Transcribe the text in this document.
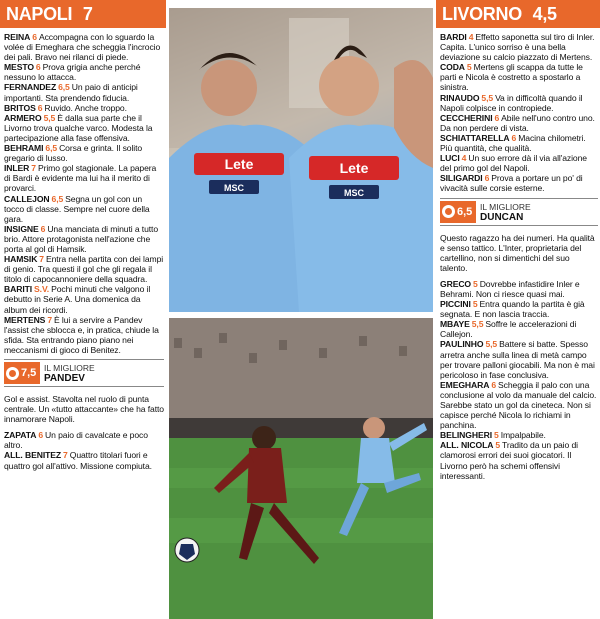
NAPOLI 7
REINA 6 Accompagna con lo sguardo la volée di Emeghara che scheggia l'incrocio dei pali. Bravo nei rilanci di piede.
MESTO 6 Prova grigia anche perché nessuno lo attacca.
FERNANDEZ 6,5 Un paio di anticipi importanti. Sta prendendo fiducia.
BRITOS 6 Ruvido. Anche troppo.
ARMERO 5,5 È dalla sua parte che il Livorno trova qualche varco. Modesta la partecipazione alla fase offensiva.
BEHRAMI 6,5 Corsa e grinta. Il solito gregario di lusso.
INLER 7 Primo gol stagionale. La papera di Bardi è evidente ma lui ha il merito di provarci.
CALLEJON 6,5 Segna un gol con un tocco di classe. Sempre nel cuore della gara.
INSIGNE 6 Una manciata di minuti a tutto brio. Attore protagonista nell'azione che porta al gol di Hamsik.
HAMSIK 7 Entra nella partita con dei lampi di genio. Tra questi il gol che gli regala il titolo di capocannoniere della squadra.
BARITI S.V. Pochi minuti che valgono il debutto in Serie A. Una domenica da album dei ricordi.
MERTENS 7 È lui a servire a Pandev l'assist che sblocca e, in pratica, chiude la sfida. Sta entrando piano piano nei meccanismi di gioco di Benitez.
7,5 IL MIGLIORE
PANDEV
Gol e assist. Stavolta nel ruolo di punta centrale. Un «tutto attaccante» che ha fatto innamorare Napoli.
ZAPATA 6 Un paio di cavalcate e poco altro.
ALL. BENITEZ 7 Quattro titolari fuori e quattro gol all'attivo. Missione compiuta.
Lete
MSC
Lete
MSC
LIVORNO 4,5
BARDI 4 Effetto saponetta sul tiro di Inler. Capita. L'unico sorriso è una bella deviazione su calcio piazzato di Mertens.
CODA 5 Mertens gli scappa da tutte le parti e Nicola è costretto a spostarlo a sinistra.
RINAUDO 5,5 Va in difficoltà quando il Napoli colpisce in contropiede.
CECCHERINI 6 Abile nell'uno contro uno. Da non perdere di vista.
SCHIATTARELLA 6 Macina chilometri. Più quantità, che qualità.
LUCI 4 Un suo errore dà il via all'azione del primo gol del Napoli.
SILIGARDI 6 Prova a portare un po' di vivacità sulle corsie esterne.
6,5 IL MIGLIORE
DUNCAN
Questo ragazzo ha dei numeri. Ha qualità e senso tattico. L'Inter, proprietaria del cartellino, non si dimentichi del suo talento.
GRECO 5 Dovrebbe infastidire Inler e Behrami. Non ci riesce quasi mai.
PICCINI 5 Entra quando la partita è già segnata. E non lascia traccia.
MBAYE 5,5 Soffre le accelerazioni di Callejon.
PAULINHO 5,5 Battere si batte. Spesso arretra anche sulla linea di metà campo per trovare palloni giocabili. Ma non è mai pericoloso in fase conclusiva.
EMEGHARA 6 Scheggia il palo con una conclusione al volo da manuale del calcio. Sarebbe stato un gol da cineteca. Non si capisce perché Nicola lo richiami in panchina.
BELINGHERI 5 Impalpabile.
ALL. NICOLA 5 Tradito da un paio di clamorosi errori dei suoi giocatori. Il Livorno però ha schemi offensivi interessanti.
